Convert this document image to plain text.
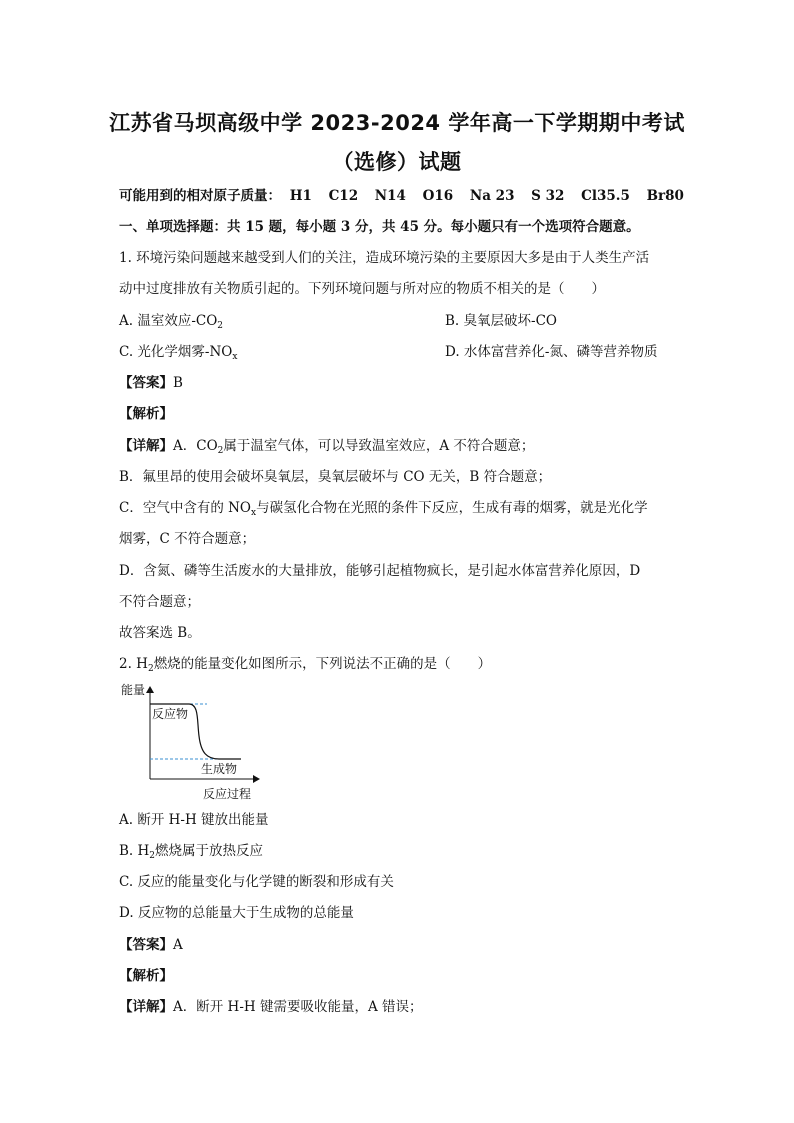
江苏省马坝高级中学 2023-2024 学年高一下学期期中考试
（选修）试题
可能用到的相对原子质量： H1 C12 N14 O16 Na 23 S 32 Cl35.5 Br80
一、单项选择题：共 15 题，每小题 3 分，共 45 分。每小题只有一个选项符合题意。
1. 环境污染问题越来越受到人们的关注，造成环境污染的主要原因大多是由于人类生产活
动中过度排放有关物质引起的。下列环境问题与所对应的物质不相关的是（　　）
A. 温室效应$-CO_2$	B. 臭氧层破坏-CO
C. 光化学烟雾$-NO_x$	D. 水体富营养化-氮、磷等营养物质
【答案】B
【解析】
【详解】A．$CO_2$属于温室气体，可以导致温室效应，A 不符合题意；
B．氟里昂的使用会破坏臭氧层，臭氧层破坏与 CO 无关，B 符合题意；
C．空气中含有的 $NO_x$与碳氢化合物在光照的条件下反应，生成有毒的烟雾，就是光化学
烟雾，C 不符合题意；
D．含氮、磷等生活废水的大量排放，能够引起植物疯长，是引起水体富营养化原因，D
不符合题意；
故答案选 B。
2. $H_2$燃烧的能量变化如图所示，下列说法不正确的是（　　）
能量
反应物
生成物
反应过程
A. 断开 H-H 键放出能量
B. $H_2$燃烧属于放热反应
C. 反应的能量变化与化学键的断裂和形成有关
D. 反应物的总能量大于生成物的总能量
【答案】A
【解析】
【详解】A．断开 H-H 键需要吸收能量，A 错误；
